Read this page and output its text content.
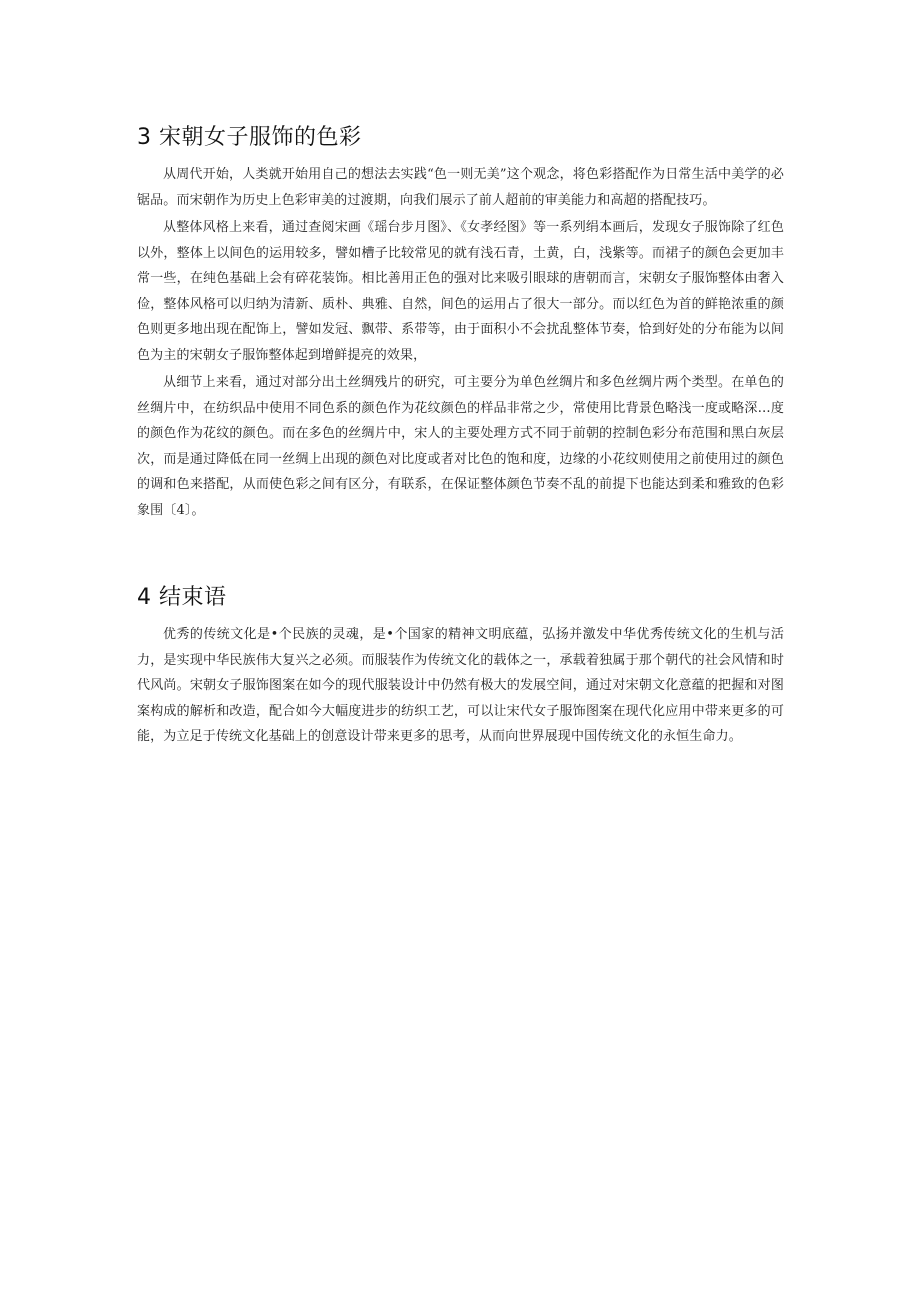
3 宋朝女子服饰的色彩

从周代开始，人类就开始用自己的想法去实践“色一则无美”这个观念，将色彩搭配作为日常生活中美学的必锯品。而宋朝作为历史上色彩审美的过渡期，向我们展示了前人超前的审美能力和高超的搭配技巧。

从整体风格上来看，通过查阅宋画《瑶台步月图》、《女孝经图》等一系列绢本画后，发现女子服饰除了红色以外，整体上以间色的运用较多，譬如槽子比较常见的就有浅石青，土黄，白，浅紫等。而裙子的颜色会更加丰常一些，在纯色基础上会有碎花装饰。相比善用正色的强对比来吸引眼球的唐朝而言，宋朝女子服饰整体由奢入俭，整体风格可以归纳为清新、质朴、典雅、自然，间色的运用占了很大一部分。而以红色为首的鲜艳浓重的颜色则更多地出现在配饰上，譬如发冠、飘带、系带等，由于面积小不会扰乱整体节奏，恰到好处的分布能为以间色为主的宋朝女子服饰整体起到增鲜提亮的效果，

从细节上来看，通过对部分出土丝绸残片的研究，可主要分为单色丝绸片和多色丝绸片两个类型。在单色的丝绸片中，在纺织品中使用不同色系的颜色作为花纹颜色的样品非常之少，常使用比背景色略浅一度或略深…度的颜色作为花纹的颜色。而在多色的丝绸片中，宋人的主要处理方式不同于前朝的控制色彩分布范围和黑白灰层次，而是通过降低在同一丝绸上出现的颜色对比度或者对比色的饱和度，边缘的小花纹则使用之前使用过的颜色的调和色来搭配，从而使色彩之间有区分，有联系，在保证整体颜色节奏不乱的前提下也能达到柔和雅致的色彩象围〔4〕。

4 结束语

优秀的传统文化是•个民族的灵魂，是•个国家的精神文明底蕴，弘扬并激发中华优秀传统文化的生机与活力，是实现中华民族伟大复兴之必须。而服装作为传统文化的载体之一，承载着独属于那个朝代的社会风情和时代风尚。宋朝女子服饰图案在如今的现代服装设计中仍然有极大的发展空间，通过对宋朝文化意蕴的把握和对图案构成的解析和改造，配合如今大幅度进步的纺织工艺，可以让宋代女子服饰图案在现代化应用中带来更多的可能，为立足于传统文化基础上的创意设计带来更多的思考，从而向世界展现中国传统文化的永恒生命力。
